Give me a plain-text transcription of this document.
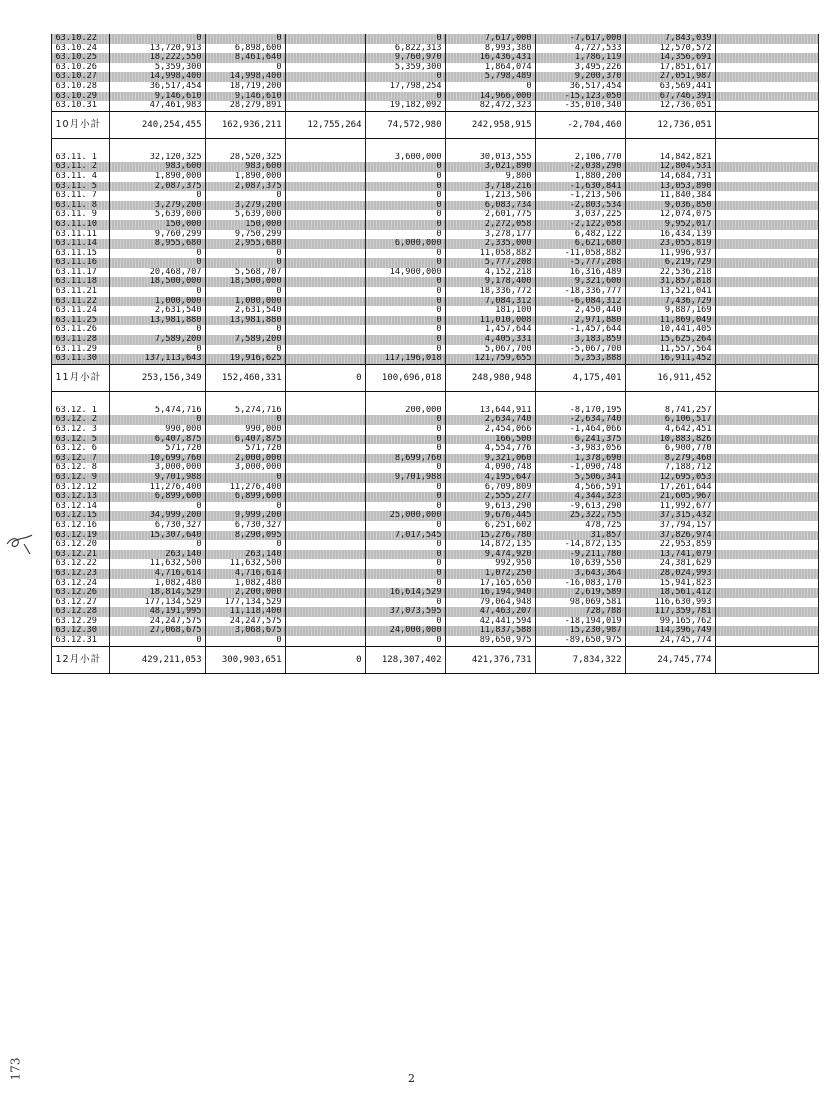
	63.10.22	0	0		0	7,617,000	-7,617,000	7,843,039	
	63.10.24	13,720,913	6,898,600		6,822,313	8,993,380	4,727,533	12,570,572	
	63.10.25	18,222,550	8,461,640		9,760,970	16,436,431	1,786,119	14,356,691	
	63.10.26	5,359,300	0		5,359,300	1,864,074	3,495,226	17,851,617	
	63.10.27	14,998,400	14,998,400		0	5,798,489	9,200,370	27,051,987	
	63.10.28	36,517,454	18,719,200		17,798,254	0	36,517,454	63,569,441	
	63.10.29	9,146,610	9,146,610		0	14,966,000	-15,123,050	67,746,391	
	63.10.31	47,461,983	28,279,891		19,182,092	82,472,323	-35,010,340	12,736,051	
	10月小計	240,254,455	162,936,211	12,755,264	74,572,980	242,958,915	-2,704,460	12,736,051	

	63.11. 1	32,120,325	28,520,325		3,600,000	30,013,555	2,106,770	14,842,821	
	63.11. 2	983,600	983,600		0	3,021,890	-2,038,290	12,804,531	
	63.11. 4	1,890,000	1,890,000		0	9,800	1,880,200	14,684,731	
	63.11. 5	2,087,375	2,087,375		0	3,718,216	-1,630,841	13,053,890	
	63.11. 7	0	0		0	1,213,506	-1,213,506	11,840,384	
	63.11. 8	3,279,200	3,279,200		0	6,083,734	-2,803,534	9,036,850	
	63.11. 9	5,639,000	5,639,000		0	2,601,775	3,037,225	12,074,075	
	63.11.10	150,000	150,000		0	2,272,058	-2,122,058	9,952,017	
	63.11.11	9,760,299	9,750,299		0	3,278,177	6,482,122	16,434,139	
	63.11.14	8,955,680	2,955,680		6,000,000	2,335,000	6,621,680	23,055,819	
	63.11.15	0	0		0	11,058,882	-11,058,882	11,996,937	
	63.11.16	0	0		0	5,777,208	-5,777,208	6,219,729	
	63.11.17	20,468,707	5,568,707		14,900,000	4,152,218	16,316,489	22,536,218	
	63.11.18	18,500,000	18,500,000		0	9,178,400	9,321,600	31,857,818	
	63.11.21	0	0		0	18,336,772	-18,336,777	13,521,041	
	63.11.22	1,000,000	1,000,000		0	7,084,312	-6,084,312	7,436,729	
	63.11.24	2,631,540	2,631,540		0	181,100	2,450,440	9,887,169	
	63.11.25	13,981,880	13,981,880		0	11,010,008	2,971,880	11,869,049	
	63.11.26	0	0		0	1,457,644	-1,457,644	10,441,405	
	63.11.28	7,589,200	7,589,200		0	4,405,331	3,183,859	15,625,264	
	63.11.29	0	0		0	5,067,700	-5,067,700	11,557,564	
	63.11.30	137,113,643	19,916,625		117,196,018	121,759,655	5,353,888	16,911,452	
	11月小計	253,156,349	152,460,331	0	100,696,018	248,980,948	4,175,401	16,911,452	

	63.12. 1	5,474,716	5,274,716		200,000	13,644,911	-8,170,195	8,741,257	
	63.12. 2	0	0		0	2,634,740	-2,634,740	6,106,517	
	63.12. 3	990,000	990,000		0	2,454,066	-1,464,066	4,642,451	
	63.12. 5	6,407,875	6,407,875		0	166,500	6,241,375	10,883,826	
	63.12. 6	571,720	571,720		0	4,554,776	-3,983,056	6,900,770	
	63.12. 7	10,699,760	2,000,000		8,699,760	9,321,060	1,378,690	8,279,460	
	63.12. 8	3,000,000	3,000,000		0	4,090,748	-1,090,748	7,188,712	
	63.12. 9	9,701,988	0		9,701,988	4,195,647	5,506,341	12,695,053	
	63.12.12	11,276,400	11,276,400		0	6,709,809	4,566,591	17,261,644	
	63.12.13	6,899,600	6,899,600		0	2,555,277	4,344,323	21,605,967	
	63.12.14	0	0		0	9,613,290	-9,613,290	11,992,677	
	63.12.15	34,999,200	9,999,200		25,000,000	9,676,445	25,322,755	37,315,432	
	63.12.16	6,730,327	6,730,327		0	6,251,602	478,725	37,794,157	
	63.12.19	15,307,640	8,290,095		7,017,545	15,276,780	31,857	37,826,974	
	63.12.20	0	0		0	14,872,135	-14,872,135	22,953,859	
	63.12.21	263,140	263,140		0	9,474,920	-9,211,780	13,741,079	
	63.12.22	11,632,500	11,632,500		0	992,950	10,639,550	24,381,629	
	63.12.23	4,716,614	4,716,614		0	1,072,250	3,643,364	28,024,993	
	63.12.24	1,082,480	1,082,480		0	17,165,650	-16,083,170	15,941,823	
	63.12.26	18,814,529	2,200,000		16,614,529	16,194,940	2,619,589	18,561,412	
	63.12.27	177,134,529	177,134,529		0	79,064,948	98,069,581	116,630,993	
	63.12.28	48,191,995	11,118,400		37,073,595	47,463,207	728,788	117,359,781	
	63.12.29	24,247,575	24,247,575		0	42,441,594	-18,194,019	99,165,762	
	63.12.30	27,068,675	3,068,675		24,000,000	11,837,588	15,230,987	114,396,749	
	63.12.31	0	0		0	89,650,975	-89,650,975	24,745,774	
	12月小計	429,211,053	300,903,651	0	128,307,402	421,376,731	7,834,322	24,745,774	
173	2
